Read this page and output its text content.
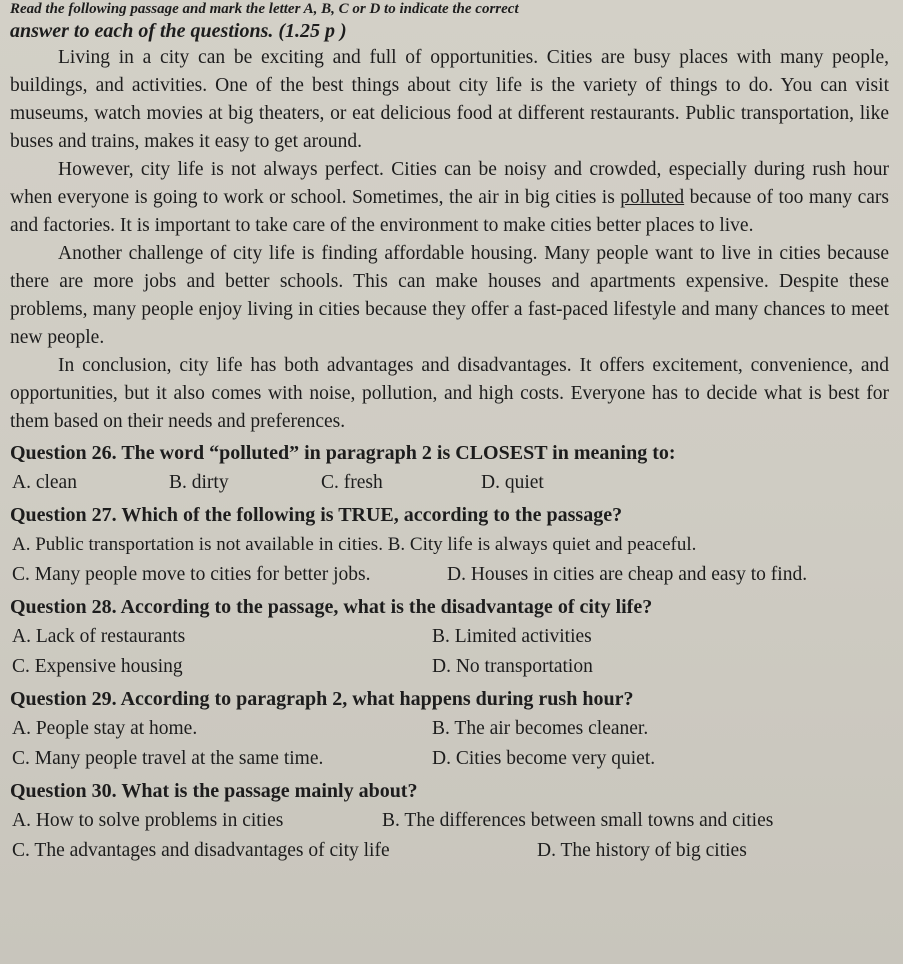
Read the following passage and mark the letter A, B, C or D to indicate the correct
answer to each of the questions. (1.25 p )

Living in a city can be exciting and full of opportunities. Cities are busy places with many people, buildings, and activities. One of the best things about city life is the variety of things to do. You can visit museums, watch movies at big theaters, or eat delicious food at different restaurants. Public transportation, like buses and trains, makes it easy to get around.

However, city life is not always perfect. Cities can be noisy and crowded, especially during rush hour when everyone is going to work or school. Sometimes, the air in big cities is polluted because of too many cars and factories. It is important to take care of the environment to make cities better places to live.

Another challenge of city life is finding affordable housing. Many people want to live in cities because there are more jobs and better schools. This can make houses and apartments expensive. Despite these problems, many people enjoy living in cities because they offer a fast-paced lifestyle and many chances to meet new people.

In conclusion, city life has both advantages and disadvantages. It offers excitement, convenience, and opportunities, but it also comes with noise, pollution, and high costs. Everyone has to decide what is best for them based on their needs and preferences.

Question 26. The word “polluted” in paragraph 2 is CLOSEST in meaning to:
A. clean	B. dirty	C. fresh	D. quiet
Question 27. Which of the following is TRUE, according to the passage?
A. Public transportation is not available in cities. B. City life is always quiet and peaceful.
C. Many people move to cities for better jobs.	D. Houses in cities are cheap and easy to find.
Question 28. According to the passage, what is the disadvantage of city life?
A. Lack of restaurants	B. Limited activities
C. Expensive housing	D. No transportation
Question 29. According to paragraph 2, what happens during rush hour?
A. People stay at home.	B. The air becomes cleaner.
C. Many people travel at the same time.	D. Cities become very quiet.
Question 30. What is the passage mainly about?
A. How to solve problems in cities	B. The differences between small towns and cities
C. The advantages and disadvantages of city life	D. The history of big cities
